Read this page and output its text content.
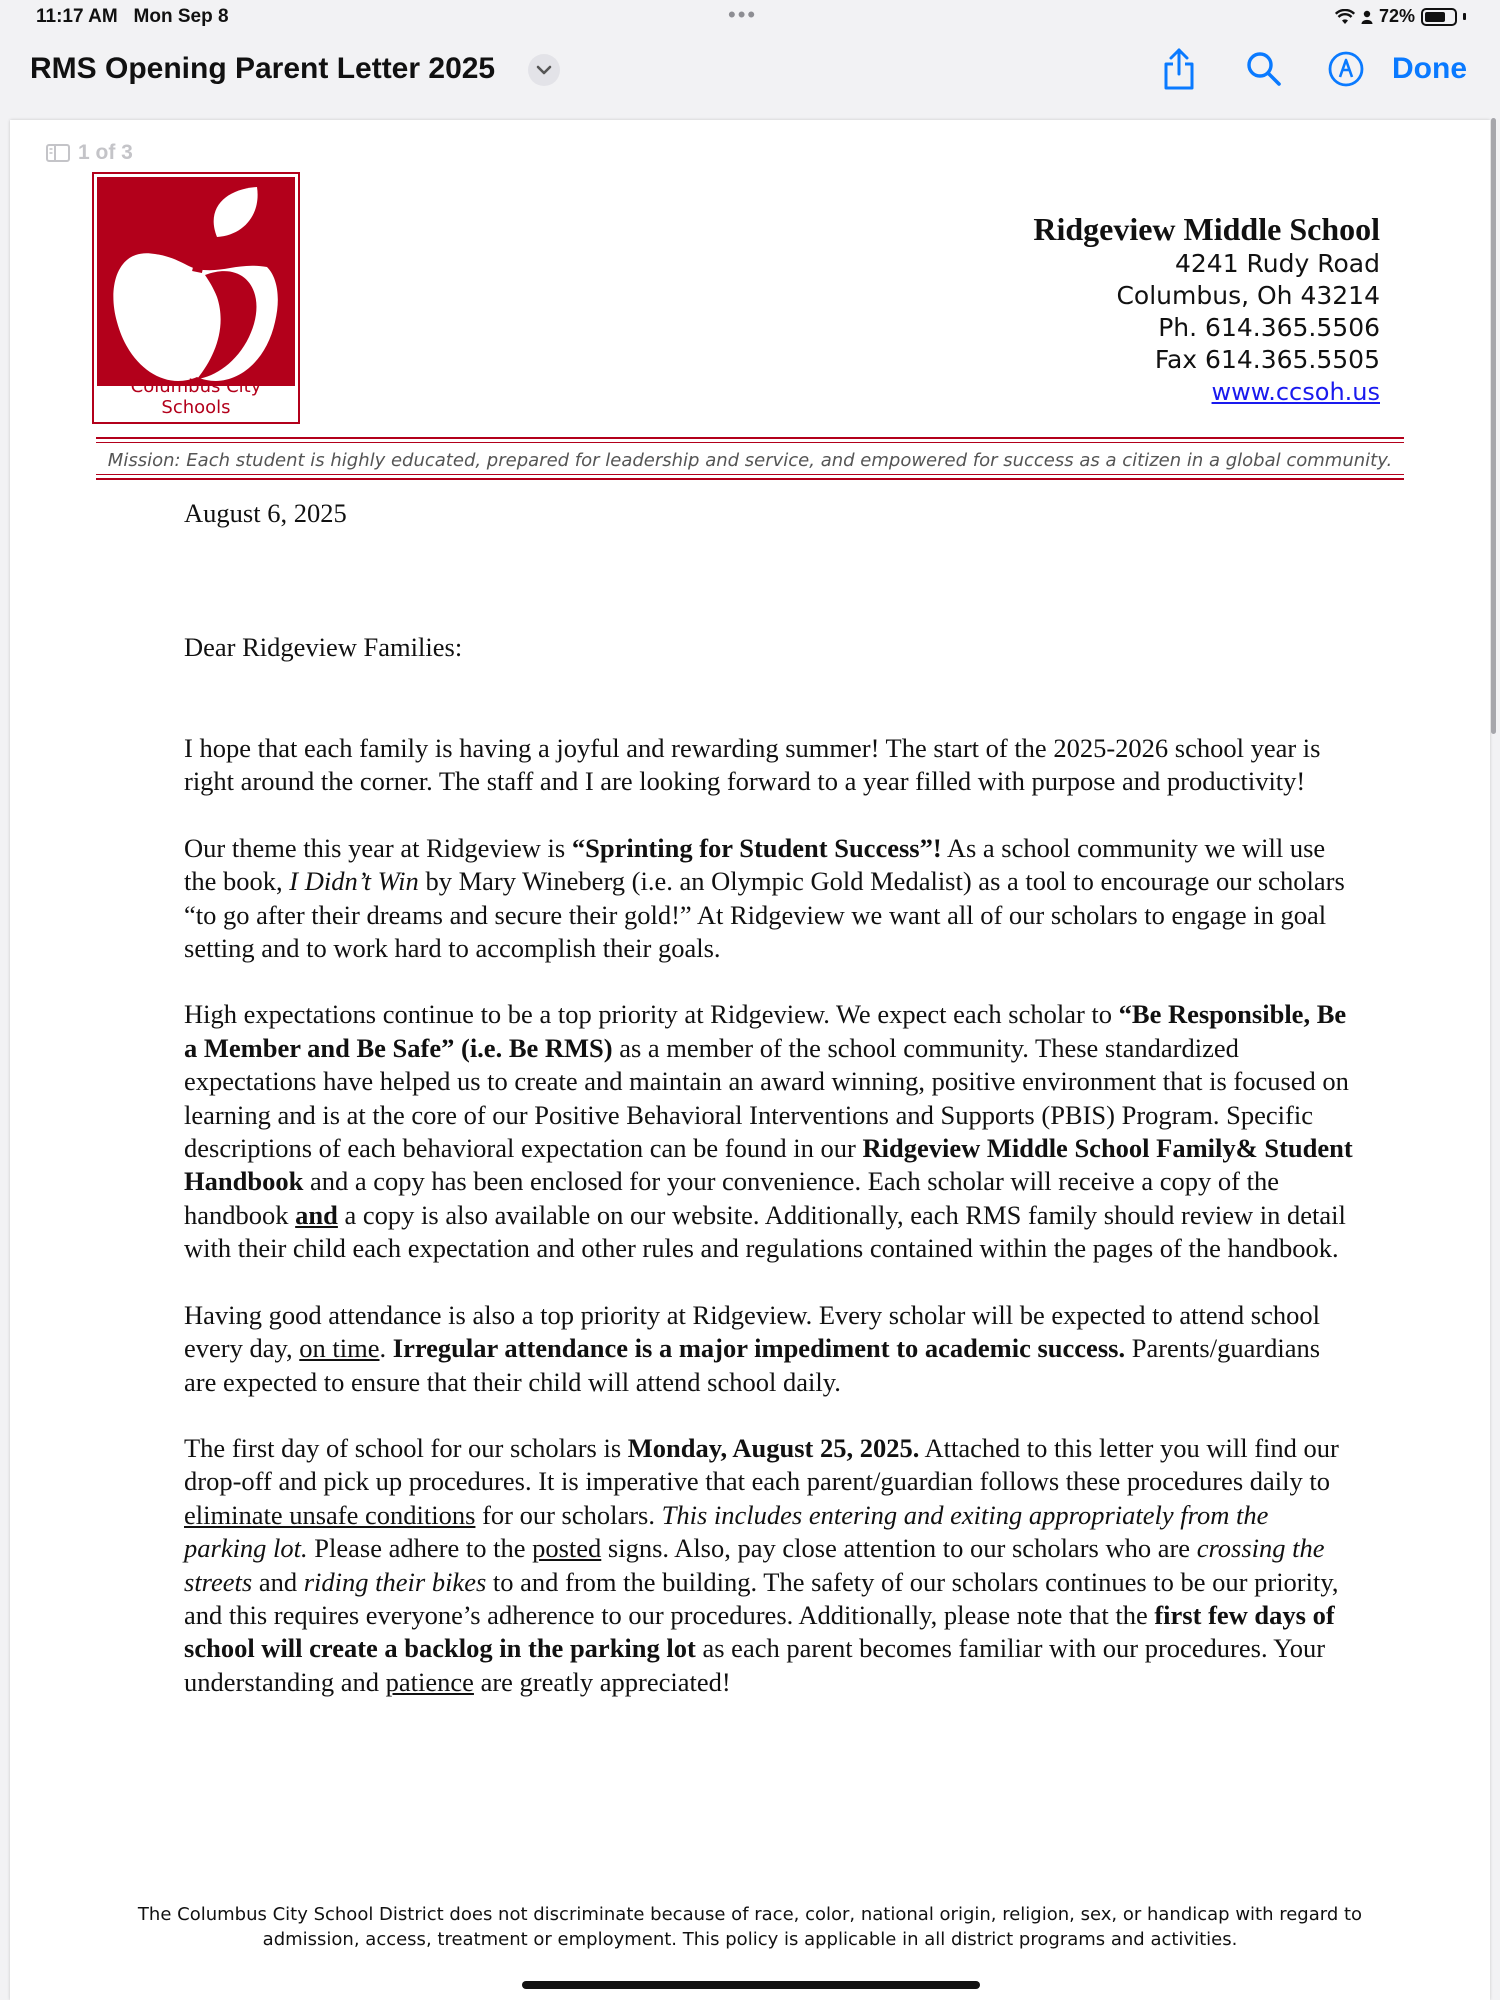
11:17 AM Mon Sep 8	•••	72%
RMS Opening Parent Letter 2025	Done
1 of 3
Columbus City Schools
Ridgeview Middle School
4241 Rudy Road
Columbus, Oh 43214
Ph. 614.365.5506
Fax 614.365.5505
www.ccsoh.us
Mission: Each student is highly educated, prepared for leadership and service, and empowered for success as a citizen in a global community.
August 6, 2025
Dear Ridgeview Families:

I hope that each family is having a joyful and rewarding summer! The start of the 2025-2026 school year is right around the corner. The staff and I are looking forward to a year filled with purpose and productivity!

Our theme this year at Ridgeview is “Sprinting for Student Success”! As a school community we will use the book, I Didn’t Win by Mary Wineberg (i.e. an Olympic Gold Medalist) as a tool to encourage our scholars “to go after their dreams and secure their gold!” At Ridgeview we want all of our scholars to engage in goal setting and to work hard to accomplish their goals.

High expectations continue to be a top priority at Ridgeview. We expect each scholar to “Be Responsible, Be a Member and Be Safe” (i.e. Be RMS) as a member of the school community. These standardized expectations have helped us to create and maintain an award winning, positive environment that is focused on learning and is at the core of our Positive Behavioral Interventions and Supports (PBIS) Program. Specific descriptions of each behavioral expectation can be found in our Ridgeview Middle School Family& Student Handbook and a copy has been enclosed for your convenience. Each scholar will receive a copy of the handbook and a copy is also available on our website. Additionally, each RMS family should review in detail with their child each expectation and other rules and regulations contained within the pages of the handbook.

Having good attendance is also a top priority at Ridgeview. Every scholar will be expected to attend school every day, on time. Irregular attendance is a major impediment to academic success. Parents/guardians are expected to ensure that their child will attend school daily.

The first day of school for our scholars is Monday, August 25, 2025. Attached to this letter you will find our drop-off and pick up procedures. It is imperative that each parent/guardian follows these procedures daily to eliminate unsafe conditions for our scholars. This includes entering and exiting appropriately from the parking lot. Please adhere to the posted signs. Also, pay close attention to our scholars who are crossing the streets and riding their bikes to and from the building. The safety of our scholars continues to be our priority, and this requires everyone’s adherence to our procedures. Additionally, please note that the first few days of school will create a backlog in the parking lot as each parent becomes familiar with our procedures. Your understanding and patience are greatly appreciated!

The Columbus City School District does not discriminate because of race, color, national origin, religion, sex, or handicap with regard to admission, access, treatment or employment. This policy is applicable in all district programs and activities.
